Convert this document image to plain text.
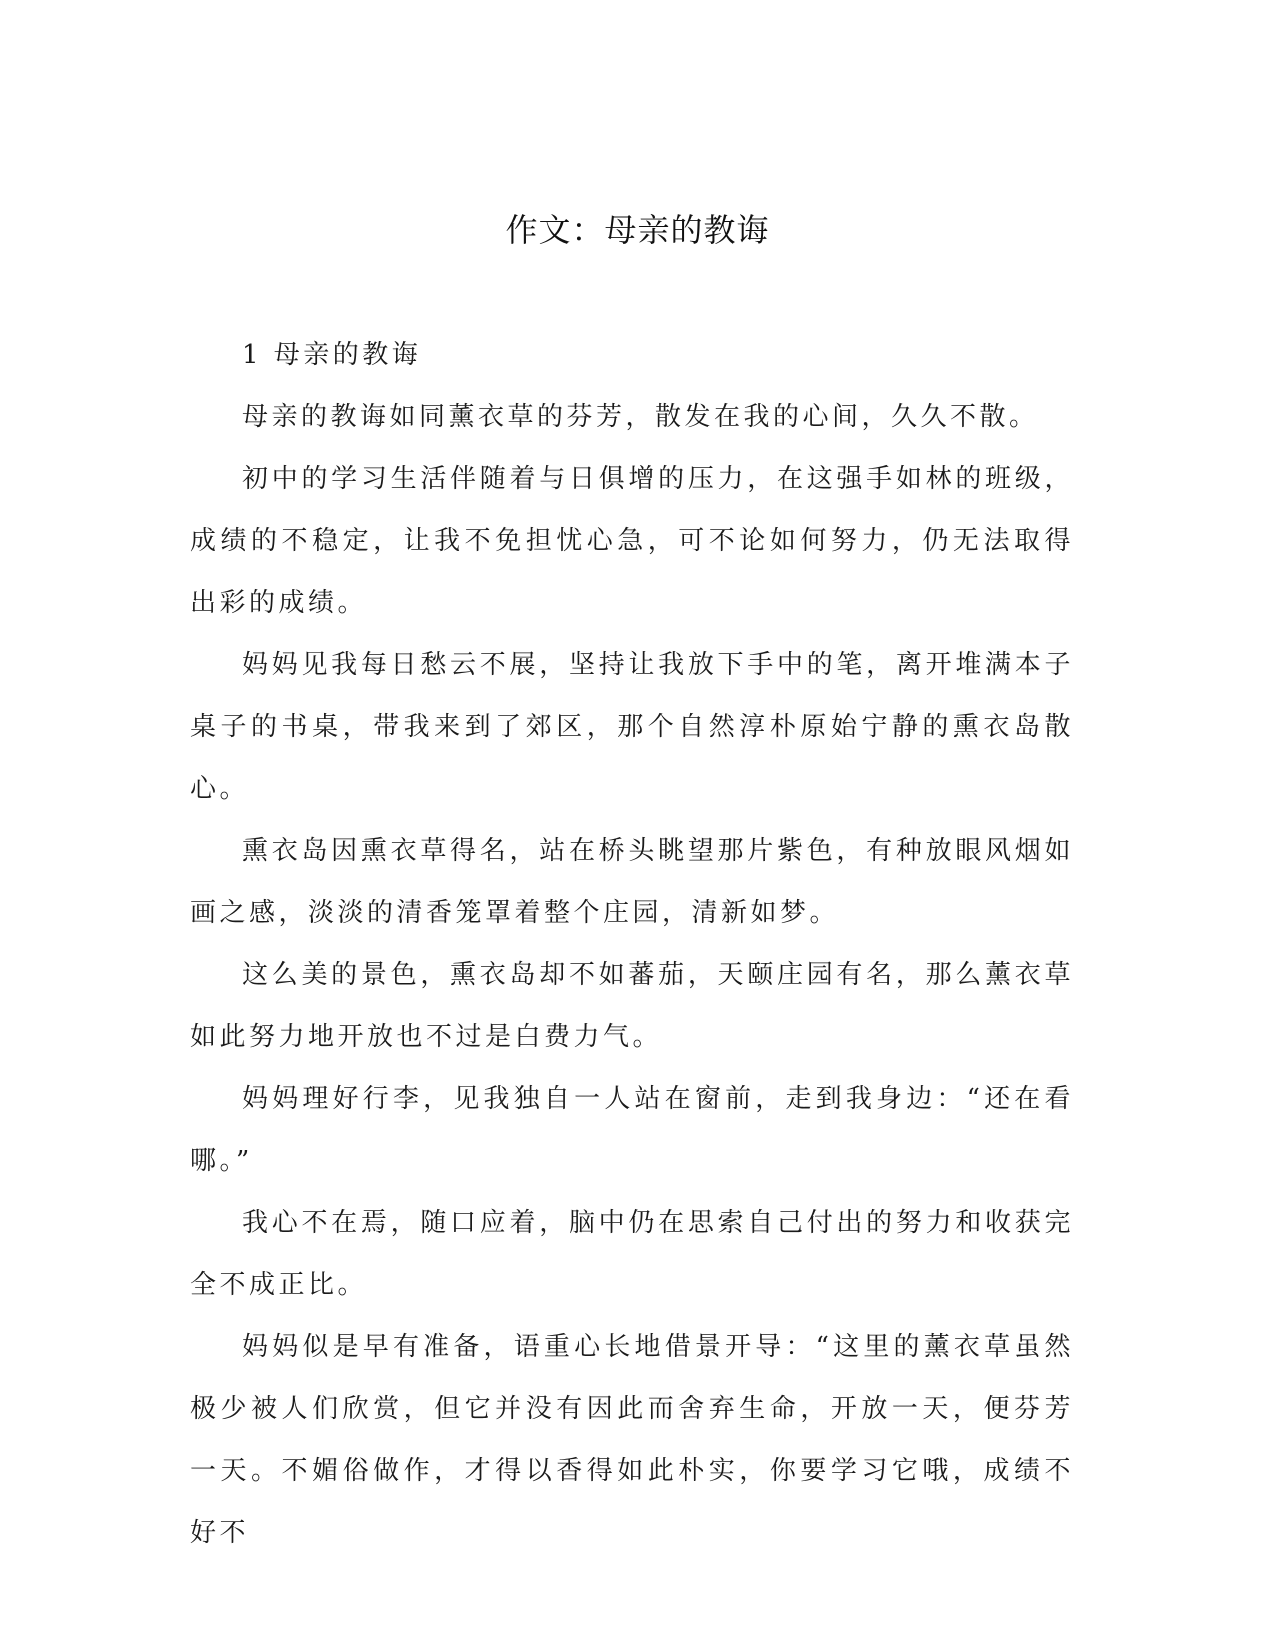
作文：母亲的教诲

1 母亲的教诲

母亲的教诲如同薰衣草的芬芳，散发在我的心间，久久不散。

初中的学习生活伴随着与日俱增的压力，在这强手如林的班级，成绩的不稳定，让我不免担忧心急，可不论如何努力，仍无法取得出彩的成绩。

妈妈见我每日愁云不展，坚持让我放下手中的笔，离开堆满本子桌子的书桌，带我来到了郊区，那个自然淳朴原始宁静的熏衣岛散心。

熏衣岛因熏衣草得名，站在桥头眺望那片紫色，有种放眼风烟如画之感，淡淡的清香笼罩着整个庄园，清新如梦。

这么美的景色，熏衣岛却不如蕃茄，天颐庄园有名，那么薰衣草如此努力地开放也不过是白费力气。

妈妈理好行李，见我独自一人站在窗前，走到我身边：“还在看哪。”

我心不在焉，随口应着，脑中仍在思索自己付出的努力和收获完全不成正比。

妈妈似是早有准备，语重心长地借景开导：“这里的薰衣草虽然极少被人们欣赏，但它并没有因此而舍弃生命，开放一天，便芬芳一天。不媚俗做作，才得以香得如此朴实，你要学习它哦，成绩不好不
